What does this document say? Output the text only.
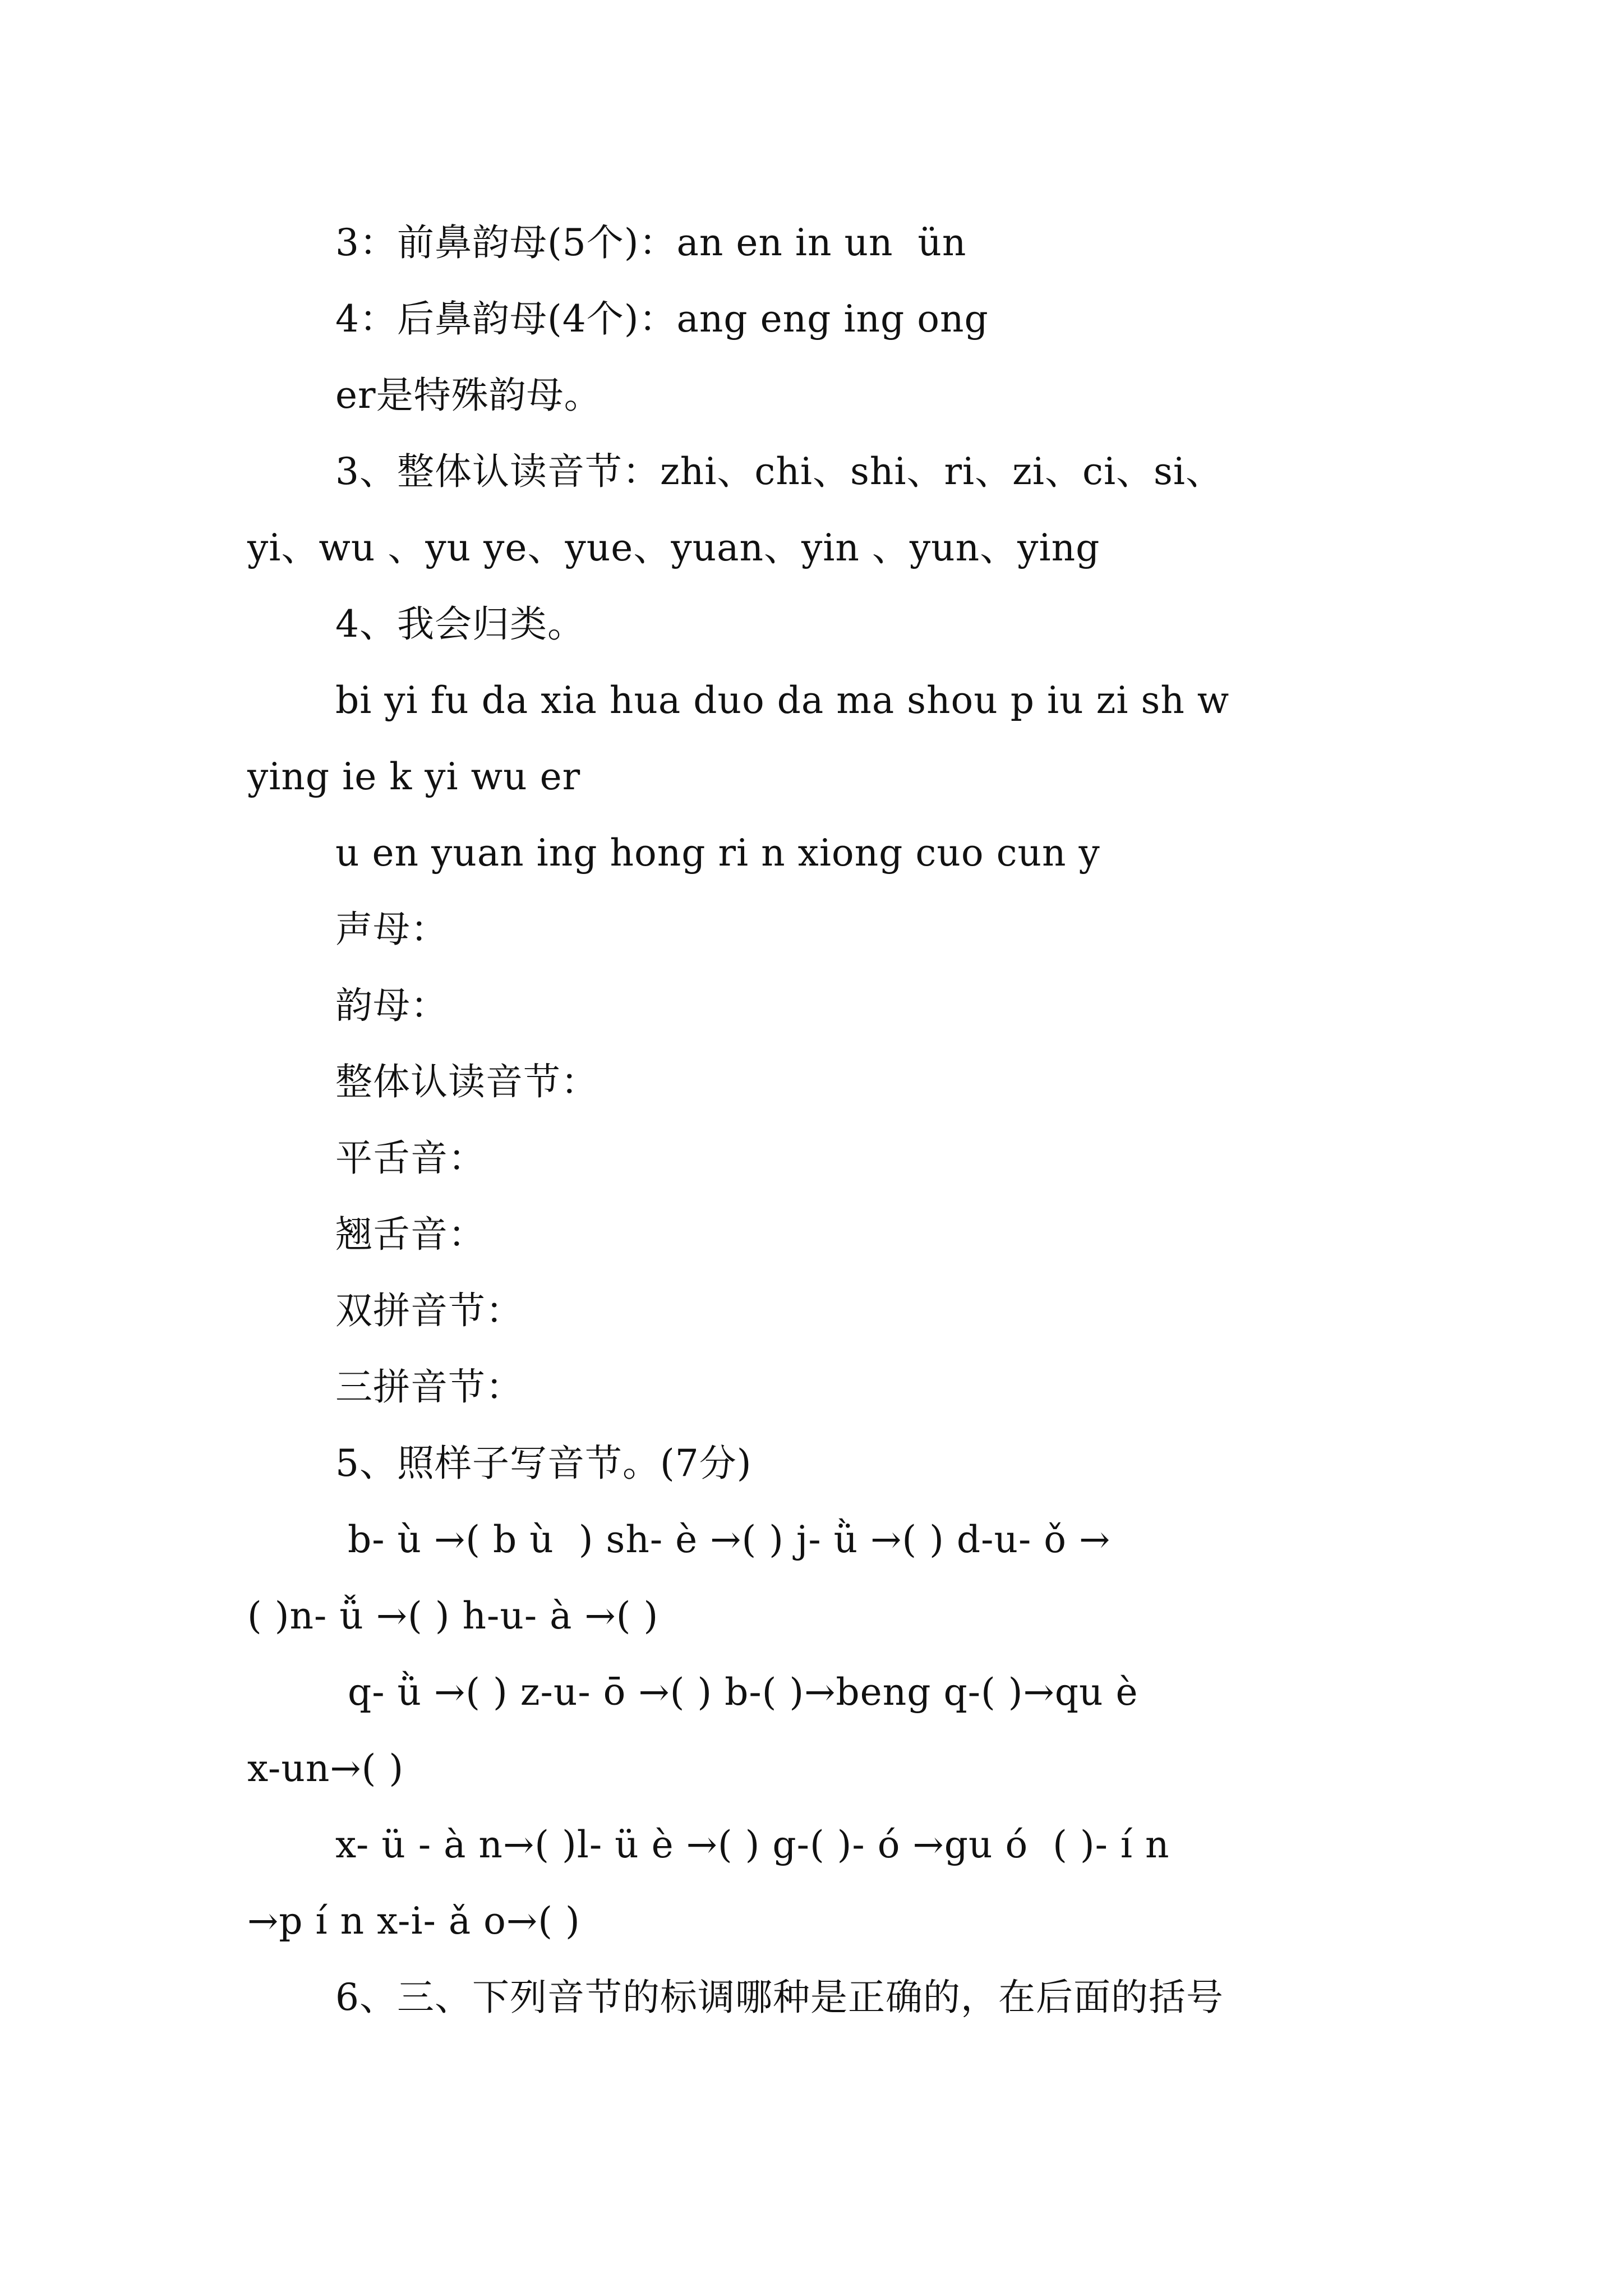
3：前鼻韵母(5个)：an en in un  ün
4：后鼻韵母(4个)：ang eng ing ong
er是特殊韵母。
3、整体认读音节：zhi、chi、shi、ri、zi、ci、si、
yi、wu 、yu ye、yue、yuan、yin 、yun、ying
4、我会归类。
bi yi fu da xia hua duo da ma shou p iu zi sh w
ying ie k yi wu er
u en yuan ing hong ri n xiong cuo cun y
声母：
韵母：
整体认读音节：
平舌音：
翘舌音：
双拼音节：
三拼音节：
5、照样子写音节。(7分)
b- ù →( b ù  ) sh- è →( ) j- ǜ →( ) d-u- ǒ →
( )n- ǚ →( ) h-u- à →( )
q- ǜ →( ) z-u- ō →( ) b-( )→beng q-( )→qu è
x-un→( )
x- ü - à n→( )l- ü è →( ) g-( )- ó →gu ó  ( )- í n
→p í n x-i- ǎ o→( )
6、三、下列音节的标调哪种是正确的，在后面的括号
